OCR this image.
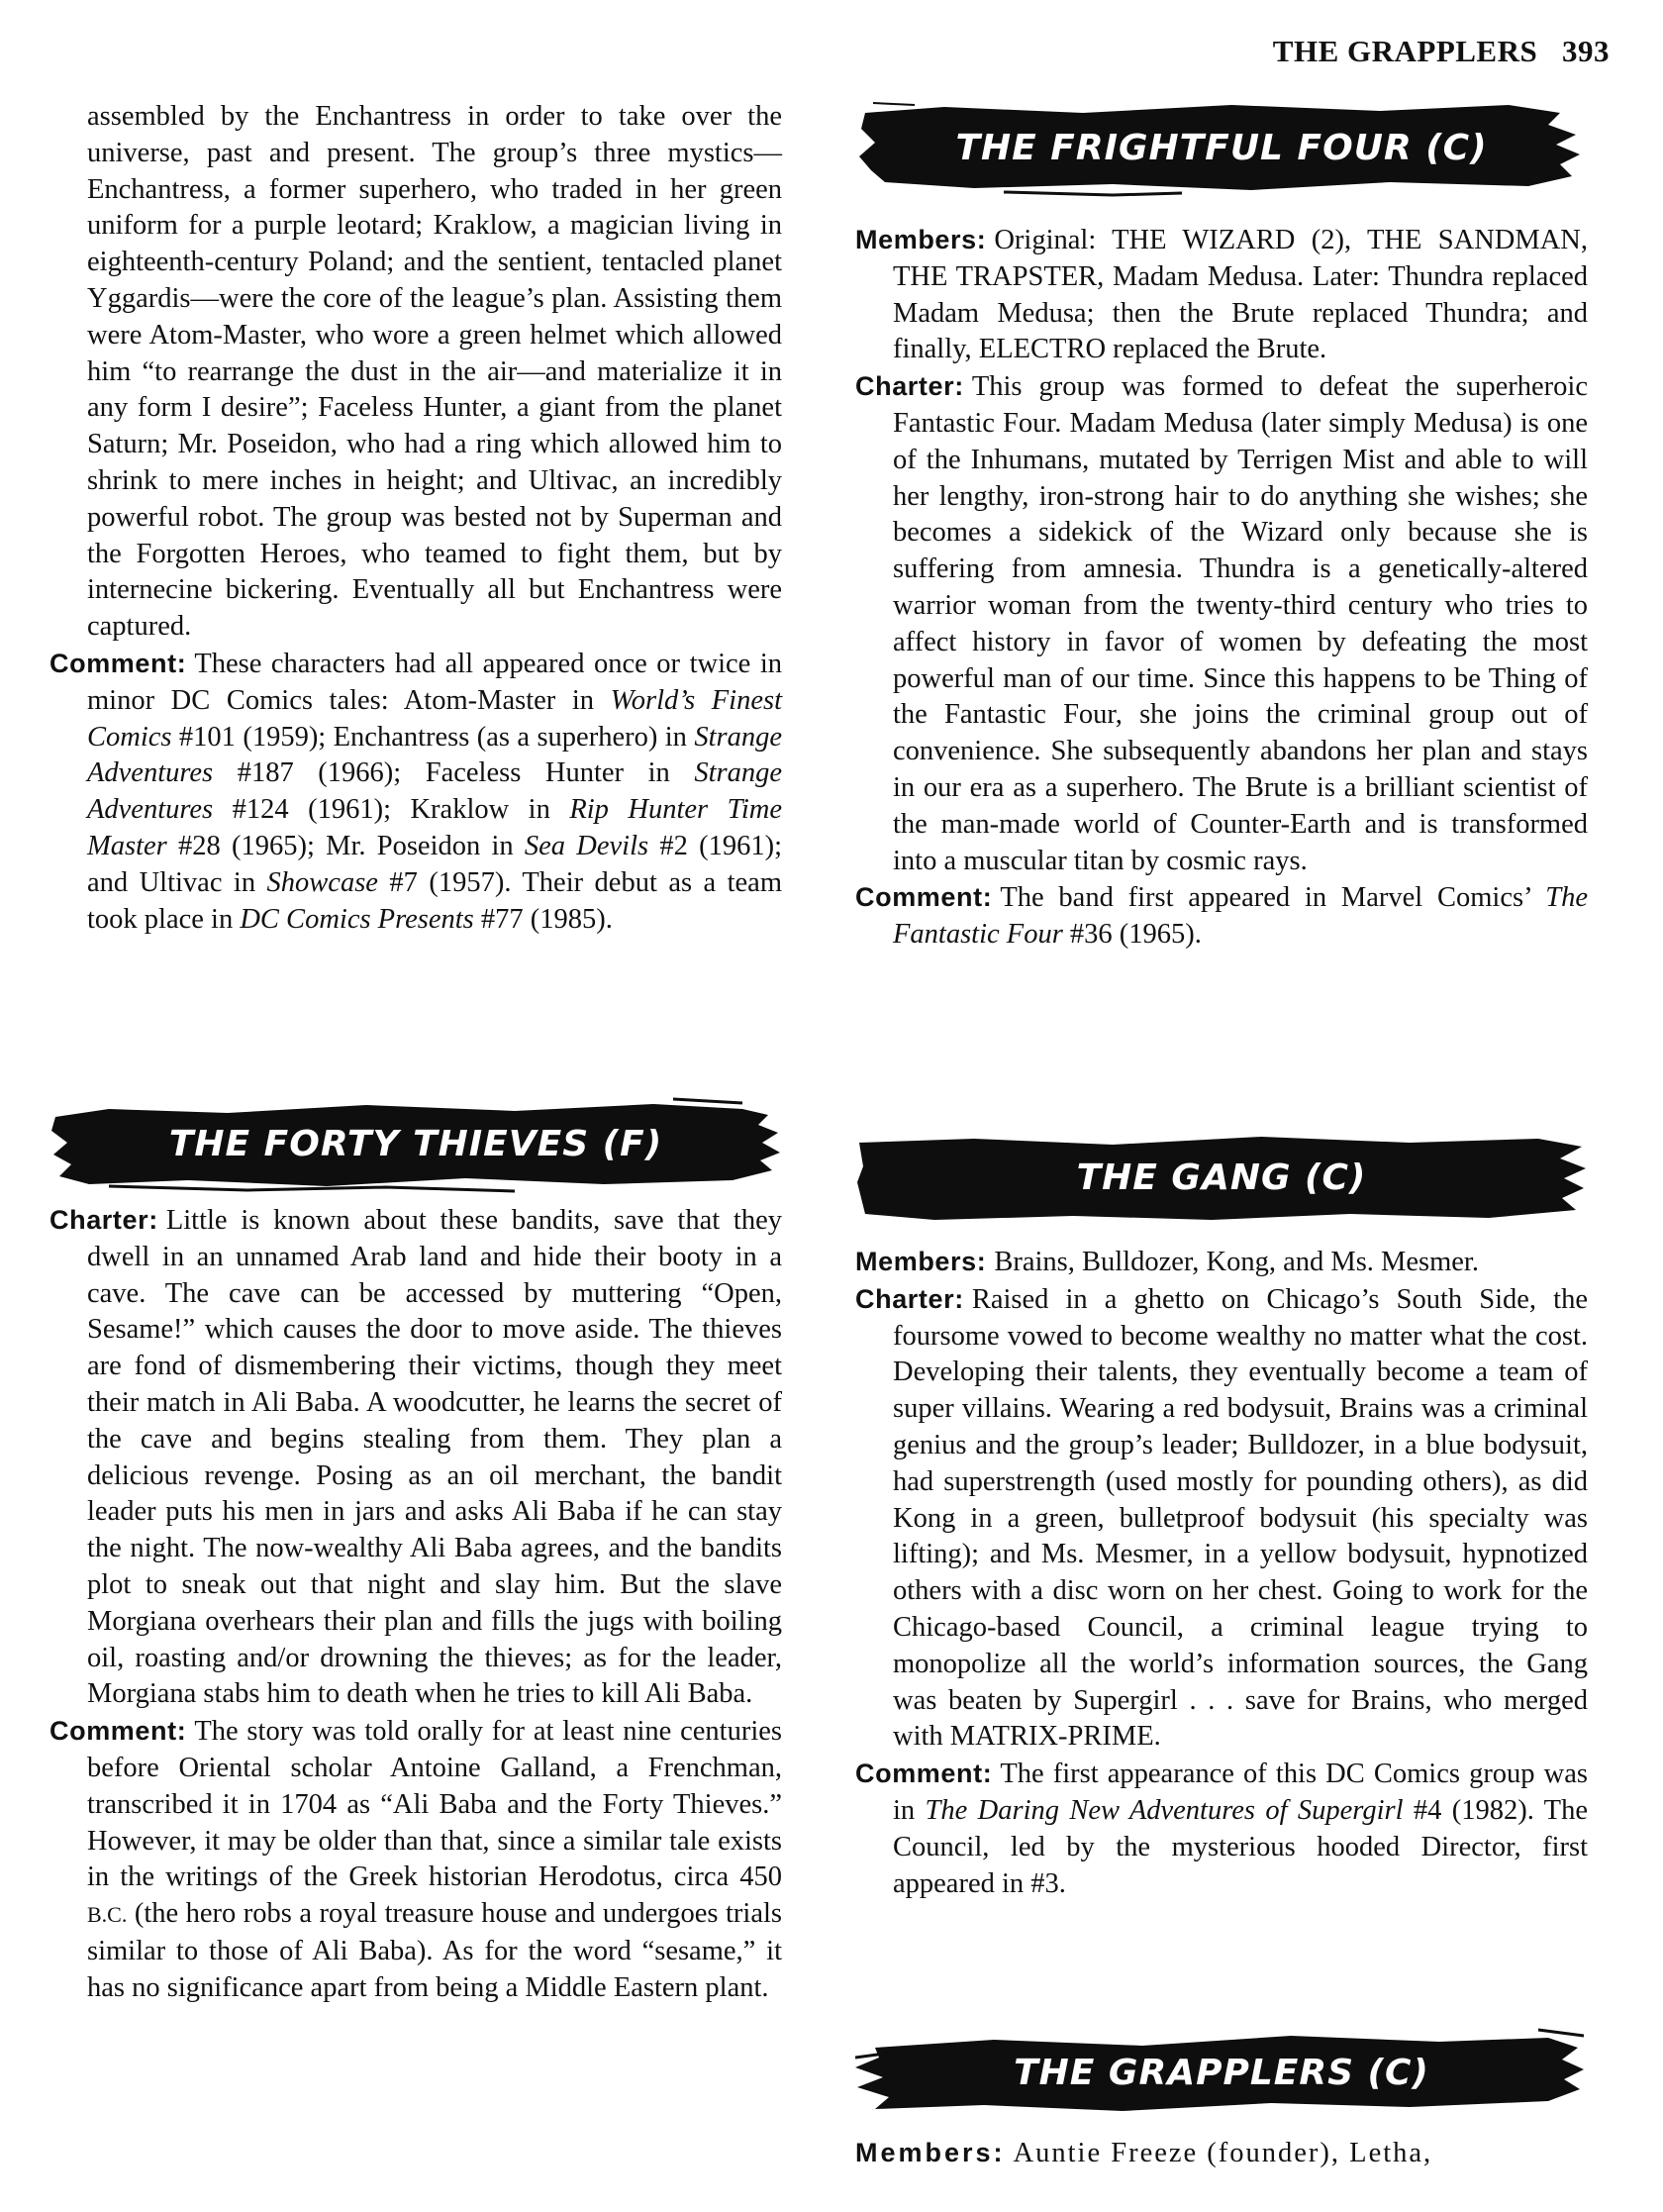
THE GRAPPLERS 393

assembled by the Enchantress in order to take over the universe, past and present. The group’s three mystics—Enchantress, a former superhero, who traded in her green uniform for a purple leotard; Kraklow, a magician living in eighteenth-century Poland; and the sentient, tentacled planet Yggardis—were the core of the league’s plan. Assisting them were Atom-Master, who wore a green helmet which allowed him “to rearrange the dust in the air—and materialize it in any form I desire”; Faceless Hunter, a giant from the planet Saturn; Mr. Poseidon, who had a ring which allowed him to shrink to mere inches in height; and Ultivac, an incredibly powerful robot. The group was bested not by Superman and the Forgotten Heroes, who teamed to fight them, but by internecine bickering. Eventually all but Enchantress were captured.

Comment: These characters had all appeared once or twice in minor DC Comics tales: Atom-Master in World’s Finest Comics #101 (1959); Enchantress (as a superhero) in Strange Adventures #187 (1966); Faceless Hunter in Strange Adventures #124 (1961); Kraklow in Rip Hunter Time Master #28 (1965); Mr. Poseidon in Sea Devils #2 (1961); and Ultivac in Showcase #7 (1957). Their debut as a team took place in DC Comics Presents #77 (1985).

THE FORTY THIEVES (F)

Charter: Little is known about these bandits, save that they dwell in an unnamed Arab land and hide their booty in a cave. The cave can be accessed by muttering “Open, Sesame!” which causes the door to move aside. The thieves are fond of dismembering their victims, though they meet their match in Ali Baba. A woodcutter, he learns the secret of the cave and begins stealing from them. They plan a delicious revenge. Posing as an oil merchant, the bandit leader puts his men in jars and asks Ali Baba if he can stay the night. The now-wealthy Ali Baba agrees, and the bandits plot to sneak out that night and slay him. But the slave Morgiana overhears their plan and fills the jugs with boiling oil, roasting and/or drowning the thieves; as for the leader, Morgiana stabs him to death when he tries to kill Ali Baba.

Comment: The story was told orally for at least nine centuries before Oriental scholar Antoine Galland, a Frenchman, transcribed it in 1704 as “Ali Baba and the Forty Thieves.” However, it may be older than that, since a similar tale exists in the writings of the Greek historian Herodotus, circa 450 B.C. (the hero robs a royal treasure house and undergoes trials similar to those of Ali Baba). As for the word “sesame,” it has no significance apart from being a Middle Eastern plant.

THE FRIGHTFUL FOUR (C)

Members: Original: THE WIZARD (2), THE SANDMAN, THE TRAPSTER, Madam Medusa. Later: Thundra replaced Madam Medusa; then the Brute replaced Thundra; and finally, ELECTRO replaced the Brute.

Charter: This group was formed to defeat the superheroic Fantastic Four. Madam Medusa (later simply Medusa) is one of the Inhumans, mutated by Terrigen Mist and able to will her lengthy, iron-strong hair to do anything she wishes; she becomes a sidekick of the Wizard only because she is suffering from amnesia. Thundra is a genetically-altered warrior woman from the twenty-third century who tries to affect history in favor of women by defeating the most powerful man of our time. Since this happens to be Thing of the Fantastic Four, she joins the criminal group out of convenience. She subsequently abandons her plan and stays in our era as a superhero. The Brute is a brilliant scientist of the man-made world of Counter-Earth and is transformed into a muscular titan by cosmic rays.

Comment: The band first appeared in Marvel Comics’ The Fantastic Four #36 (1965).

THE GANG (C)

Members: Brains, Bulldozer, Kong, and Ms. Mesmer.

Charter: Raised in a ghetto on Chicago’s South Side, the foursome vowed to become wealthy no matter what the cost. Developing their talents, they eventually become a team of super villains. Wearing a red bodysuit, Brains was a criminal genius and the group’s leader; Bulldozer, in a blue bodysuit, had superstrength (used mostly for pounding others), as did Kong in a green, bulletproof bodysuit (his specialty was lifting); and Ms. Mesmer, in a yellow bodysuit, hypnotized others with a disc worn on her chest. Going to work for the Chicago-based Council, a criminal league trying to monopolize all the world’s information sources, the Gang was beaten by Supergirl . . . save for Brains, who merged with MATRIX-PRIME.

Comment: The first appearance of this DC Comics group was in The Daring New Adventures of Supergirl #4 (1982). The Council, led by the mysterious hooded Director, first appeared in #3.

THE GRAPPLERS (C)

Members: Auntie Freeze (founder), Letha,
